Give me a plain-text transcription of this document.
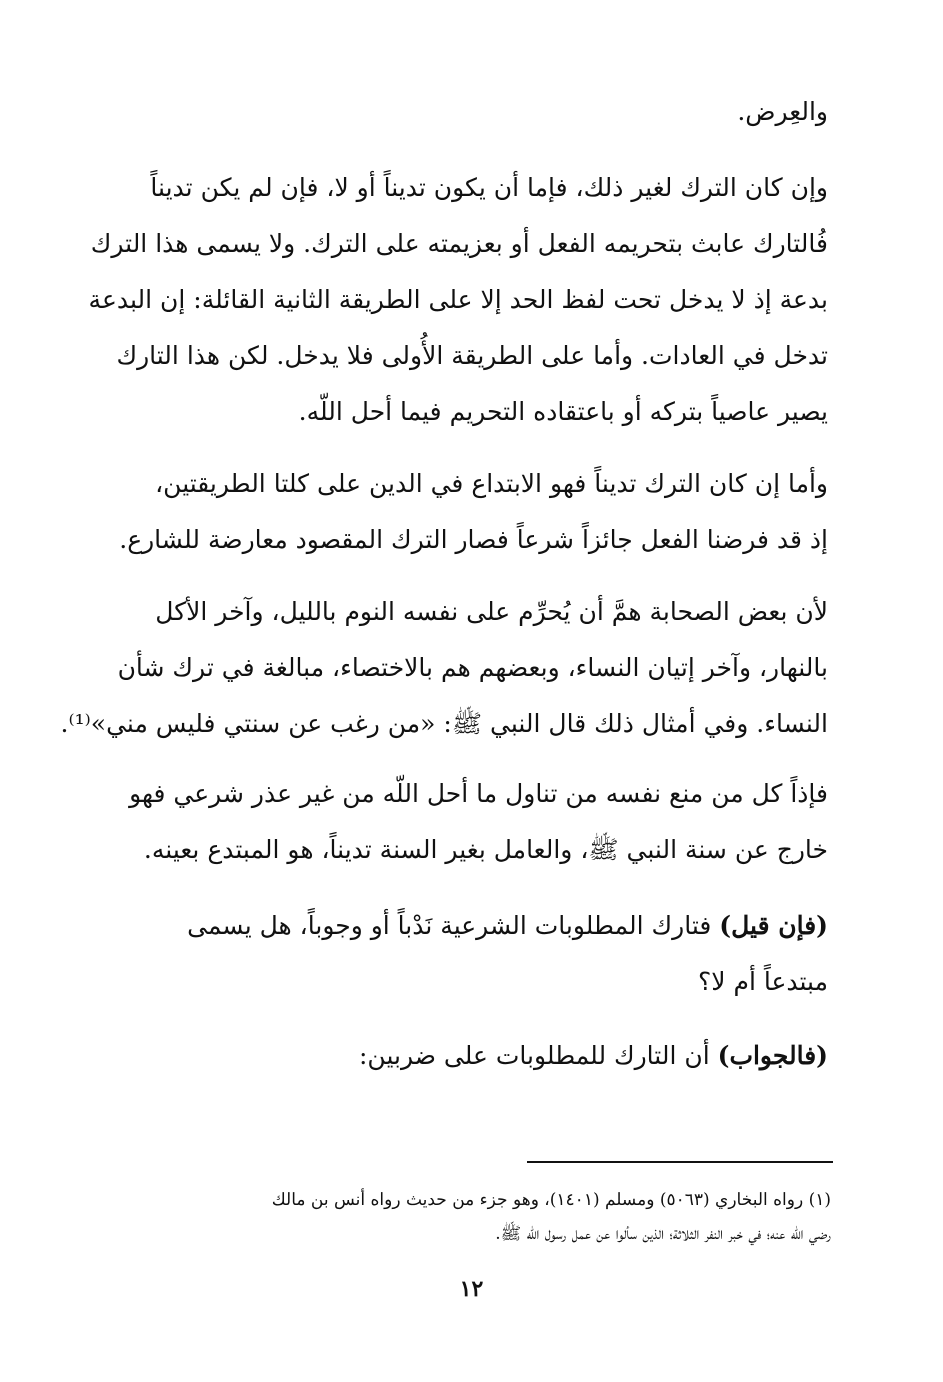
والعِرض.

وإن كان الترك لغير ذلك، فإما أن يكون تديناً أو لا، فإن لم يكن تديناً
فُالتارك عابث بتحريمه الفعل أو بعزيمته على الترك. ولا يسمى هذا الترك
بدعة إذ لا يدخل تحت لفظ الحد إلا على الطريقة الثانية القائلة: إن البدعة
تدخل في العادات. وأما على الطريقة الأُولى فلا يدخل. لكن هذا التارك
يصير عاصياً بتركه أو باعتقاده التحريم فيما أحل اللّه.

وأما إن كان الترك تديناً فهو الابتداع في الدين على كلتا الطريقتين،
إذ قد فرضنا الفعل جائزاً شرعاً فصار الترك المقصود معارضة للشارع.

لأن بعض الصحابة همَّ أن يُحرِّم على نفسه النوم بالليل، وآخر الأكل
بالنهار، وآخر إتيان النساء، وبعضهم هم بالاختصاء، مبالغة في ترك شأن
النساء. وفي أمثال ذلك قال النبي ﷺ: «من رغب عن سنتي فليس مني»⁽¹⁾.

فإذاً كل من منع نفسه من تناول ما أحل اللّه من غير عذر شرعي فهو
خارج عن سنة النبي ﷺ، والعامل بغير السنة تديناً، هو المبتدع بعينه.

(فإن قيل) فتارك المطلوبات الشرعية نَدْباً أو وجوباً، هل يسمى
مبتدعاً أم لا؟

(فالجواب) أن التارك للمطلوبات على ضربين:

(١) رواه البخاري (٥٠٦٣) ومسلم (١٤٠١)، وهو جزء من حديث رواه أنس بن مالك
رضي الله عنه؛ في خبر النفر الثلاثة؛ الذين سألوا عن عمل رسول الله ﷺ.

١٢
